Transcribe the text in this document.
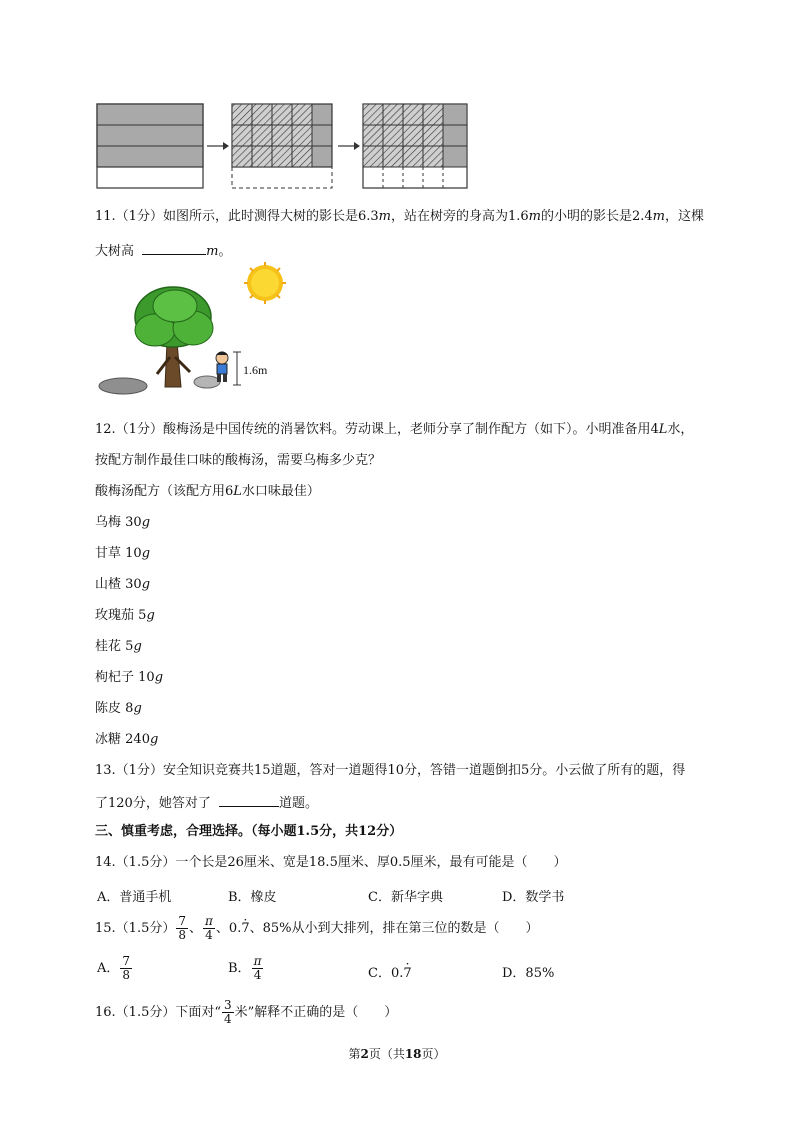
11.（1分）如图所示，此时测得大树的影长是6.3m，站在树旁的身高为1.6m的小明的影长是2.4m，这棵
大树高	m。
1.6m
12.（1分）酸梅汤是中国传统的消暑饮料。劳动课上，老师分享了制作配方（如下）。小明准备用4L水，
按配方制作最佳口味的酸梅汤，需要乌梅多少克？
酸梅汤配方（该配方用6L水口味最佳）
乌梅 30g
甘草 10g
山楂 30g
玫瑰茄 5g
桂花 5g
枸杞子 10g
陈皮 8g
冰糖 240g
13.（1分）安全知识竞赛共15道题，答对一道题得10分，答错一道题倒扣5分。小云做了所有的题，得
了120分，她答对了	道题。
三、慎重考虑，合理选择。（每小题1.5分，共12分）
14.（1.5分）一个长是26厘米、宽是18.5厘米、厚0.5厘米，最有可能是（　　）
A．普通手机	B．橡皮	C．新华字典	D．数学书
15.（1.5分） $\frac{7}{8}$ 、 $\frac{\pi}{4}$ 、0.· 7、85%从小到大排列，排在第三位的数是（　　）
A． $\frac{7}{8}$	B． $\frac{\pi}{4}$	C．0.· 7	D．85%
16.（1.5分）下面对“ $\frac{3}{4}$ 米”解释不正确的是（　　）
第2页（共18页）
